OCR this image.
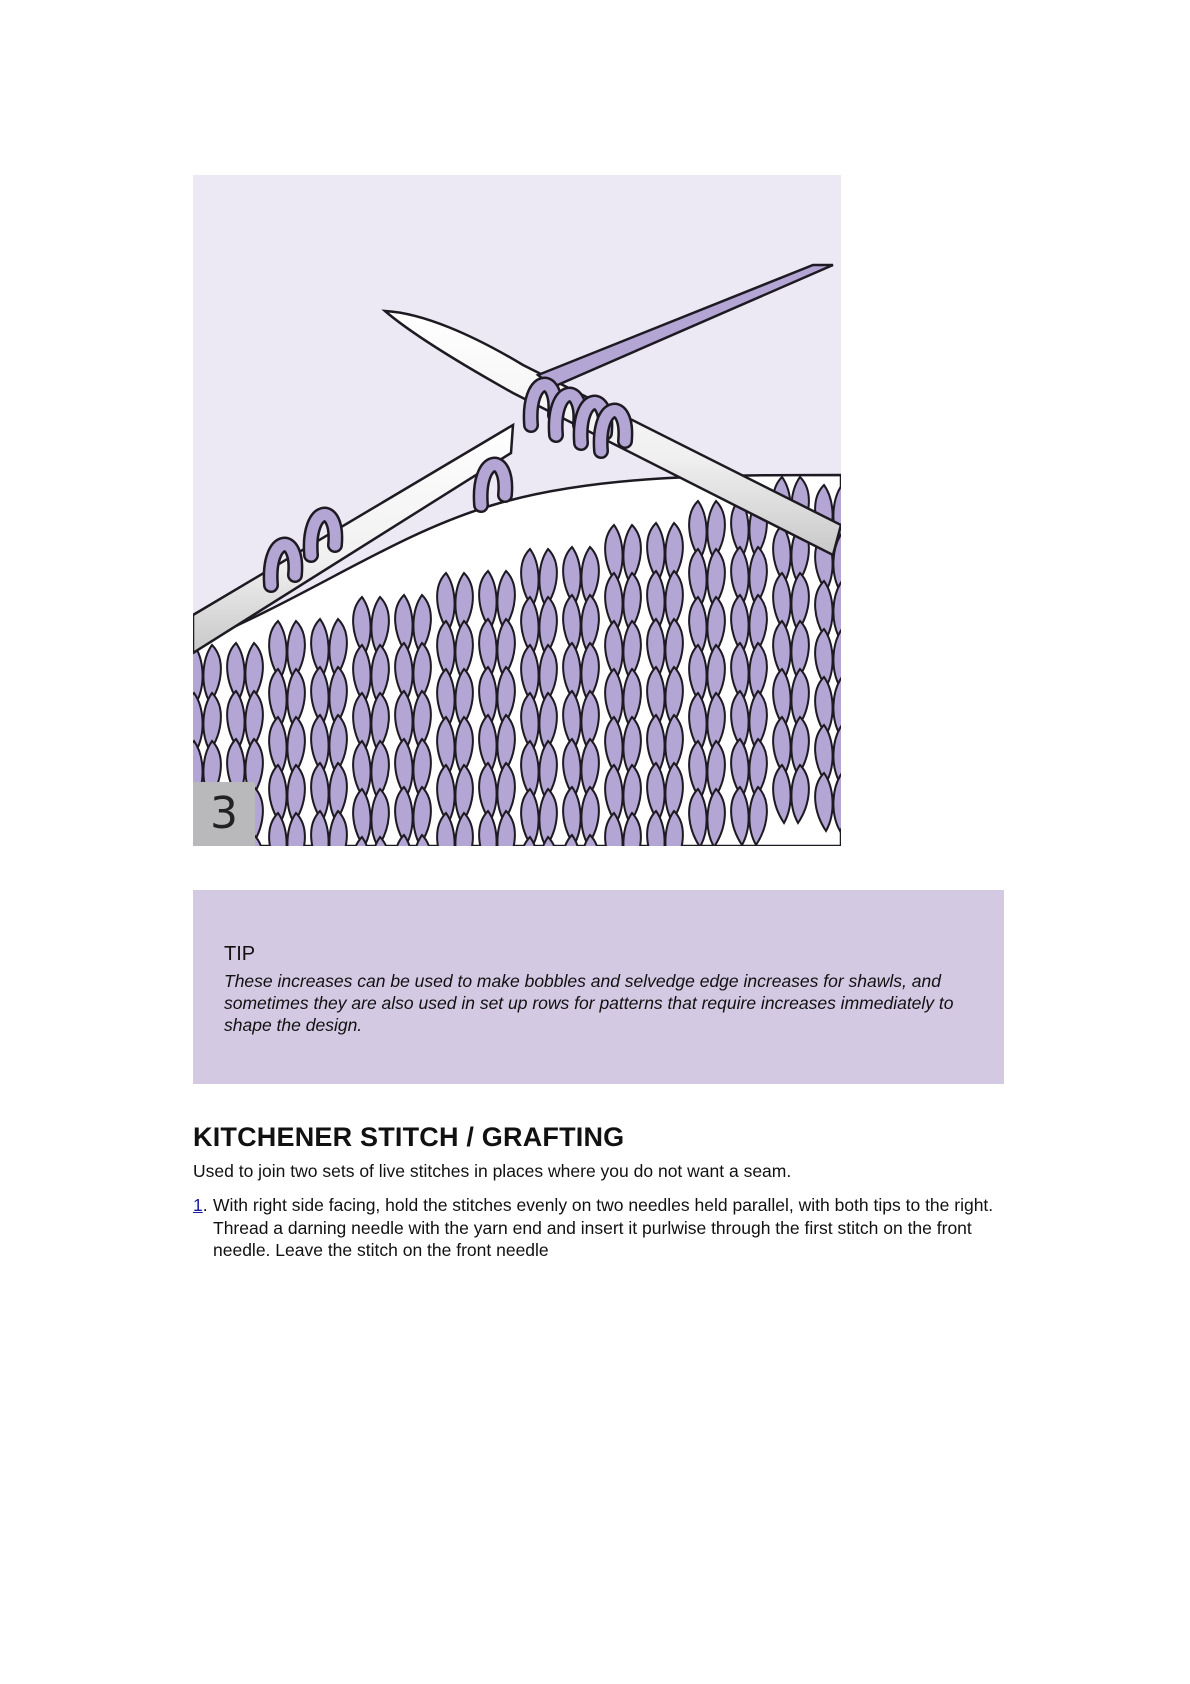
3

TIP

These increases can be used to make bobbles and selvedge edge increases for shawls, and sometimes they are also used in set up rows for patterns that require increases immediately to shape the design.

KITCHENER STITCH / GRAFTING

Used to join two sets of live stitches in places where you do not want a seam.

1. With right side facing, hold the stitches evenly on two needles held parallel, with both tips to the right. Thread a darning needle with the yarn end and insert it purlwise through the first stitch on the front needle. Leave the stitch on the front needle
